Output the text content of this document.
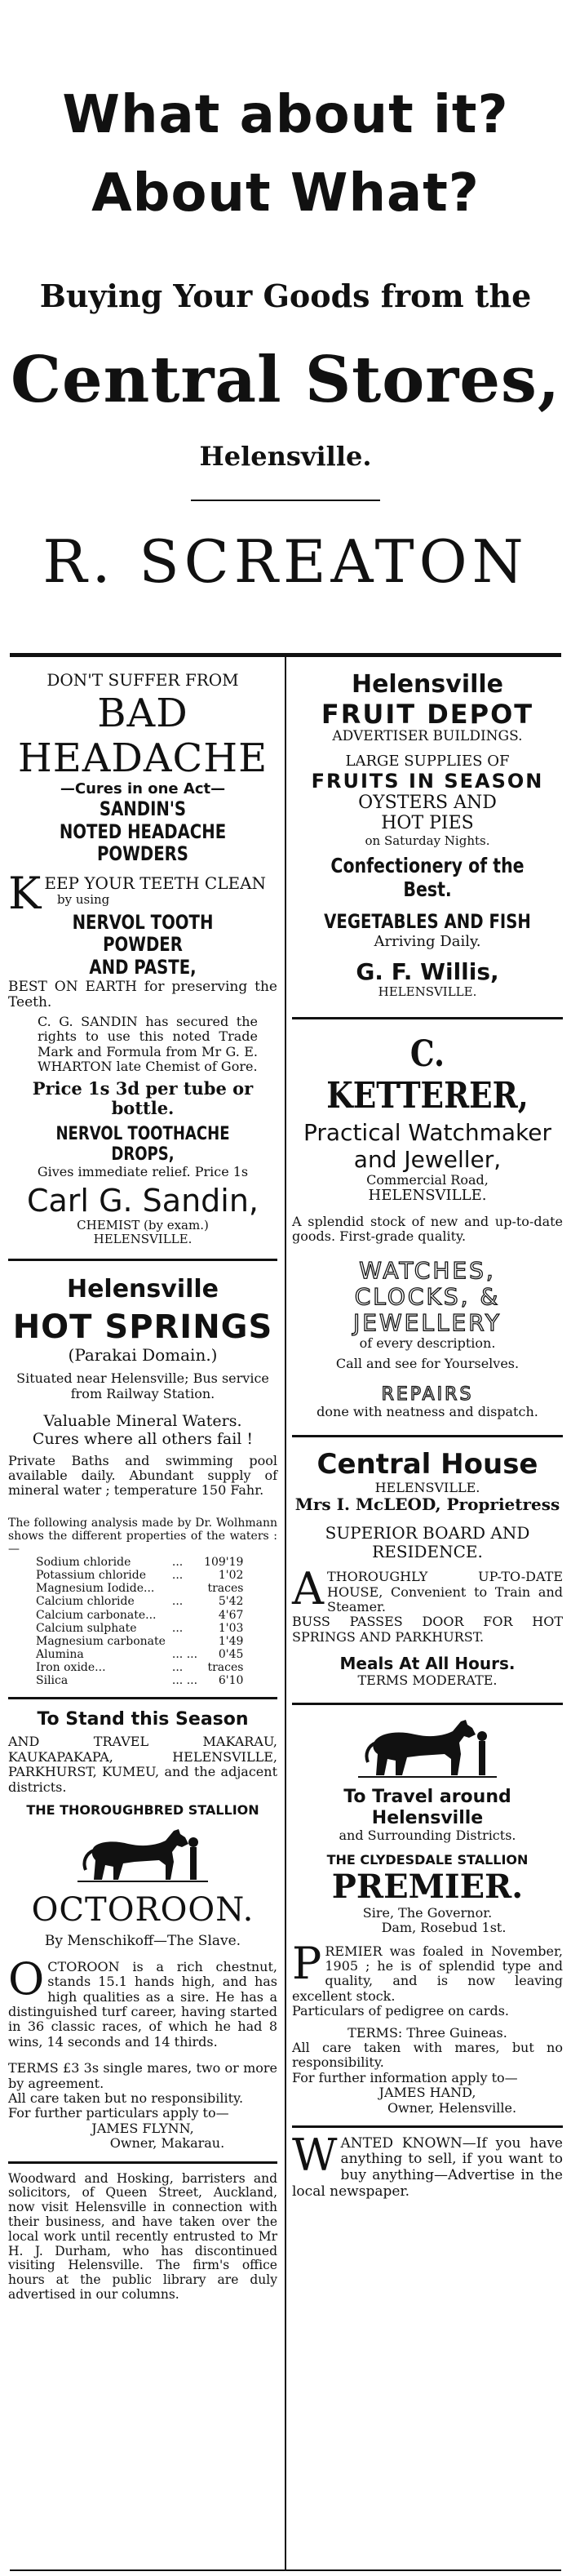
What about it?
About What?
Buying Your Goods from the
Central Stores,
Helensville.
R. SCREATON
DON'T SUFFER FROM
BAD HEADACHE
—Cures in one Act—
SANDIN'S
NOTED HEADACHE POWDERS
K EEP YOUR TEETH CLEAN
by using
NERVOL TOOTH POWDER
AND PASTE,
BEST ON EARTH for preserving the Teeth.
C. G. SANDIN has secured the rights to use this noted Trade Mark and Formula from Mr G. E. WHARTON late Chemist of Gore.
Price 1s 3d per tube or bottle.
NERVOL TOOTHACHE
DROPS,
Gives immediate relief. Price 1s
Carl G. Sandin,
CHEMIST (by exam.)
HELENSVILLE.
Helensville
HOT SPRINGS
(Parakai Domain.)
Situated near Helensville; Bus service from Railway Station.
Valuable Mineral Waters.
Cures where all others fail !
Private Baths and swimming pool available daily. Abundant supply of mineral water ; temperature 150 Fahr.
The following analysis made by Dr. Wolhmann shows the different properties of the waters :—
Sodium chloride	...	109'19
Potassium chloride	...	1'02
Magnesium Iodide...		traces
Calcium chloride	...	5'42
Calcium carbonate...		4'67
Calcium sulphate	...	1'03
Magnesium carbonate		1'49
Alumina	... ...	0'45
Iron oxide...	...	traces
Silica	... ...	6'10
To Stand this Season
AND TRAVEL MAKARAU, KAUKAPAKAPA, HELENSVILLE, PARKHURST, KUMEU, and the adjacent districts.
THE THOROUGHBRED STALLION
OCTOROON.
By Menschikoff—The Slave.
OCTOROON is a rich chestnut, stands 15.1 hands high, and has high qualities as a sire. He has a distinguished turf career, having started in 36 classic races, of which he had 8 wins, 14 seconds and 14 thirds.
TERMS £3 3s single mares, two or more by agreement.
All care taken but no responsibility.
For further particulars apply to—
JAMES FLYNN,
Owner, Makarau.
Woodward and Hosking, barristers and solicitors, of Queen Street, Auckland, now visit Helensville in connection with their business, and have taken over the local work until recently entrusted to Mr H. J. Durham, who has discontinued visiting Helensville. The firm's office hours at the public library are duly advertised in our columns.
Helensville
FRUIT DEPOT
ADVERTISER BUILDINGS.
LARGE SUPPLIES OF
FRUITS IN SEASON
OYSTERS AND
HOT PIES
on Saturday Nights.
Confectionery of the Best.
VEGETABLES AND FISH
Arriving Daily.
G. F. Willis,
HELENSVILLE.
C. KETTERER,
Practical Watchmaker
and Jeweller,
Commercial Road,
HELENSVILLE.
A splendid stock of new and up-to-date goods. First-grade quality.
WATCHES,
CLOCKS, &
JEWELLERY
of every description.
Call and see for Yourselves.
REPAIRS
done with neatness and dispatch.
Central House
HELENSVILLE.
Mrs I. McLEOD, Proprietress
SUPERIOR BOARD AND
RESIDENCE.
ATHOROUGHLY UP-TO-DATE HOUSE, Convenient to Train and Steamer.
BUSS PASSES DOOR FOR HOT SPRINGS AND PARKHURST.
Meals At All Hours.
TERMS MODERATE.
To Travel around Helensville
and Surrounding Districts.
THE CLYDESDALE STALLION
PREMIER.
Sire, The Governor.
Dam, Rosebud 1st.
PREMIER was foaled in November, 1905 ; he is of splendid type and quality, and is now leaving excellent stock.
Particulars of pedigree on cards.
TERMS: Three Guineas.
All care taken with mares, but no responsibility.
For further information apply to—
JAMES HAND,
Owner, Helensville.
WANTED KNOWN—If you have anything to sell, if you want to buy anything—Advertise in the local newspaper.
